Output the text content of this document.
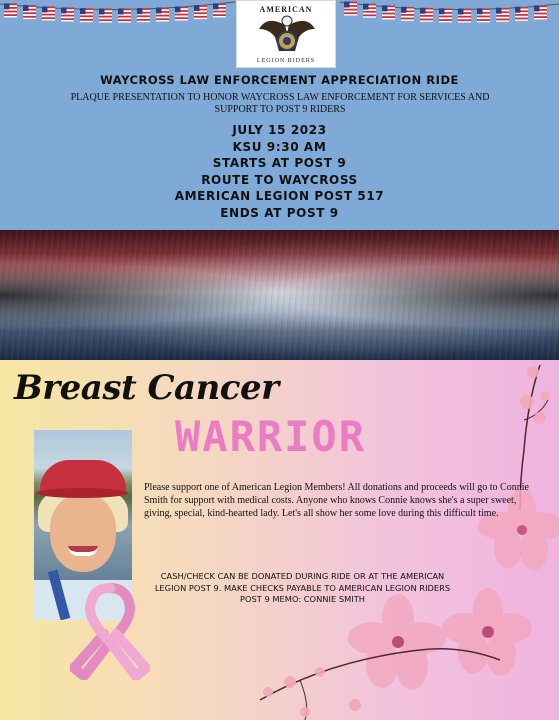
AMERICAN
LEGION RIDERS
WAYCROSS LAW ENFORCEMENT APPRECIATION RIDE
PLAQUE PRESENTATION TO HONOR WAYCROSS LAW ENFORCEMENT FOR SERVICES AND SUPPORT TO POST 9 RIDERS
JULY 15 2023
KSU 9:30 AM
STARTS AT POST 9
ROUTE TO WAYCROSS
AMERICAN LEGION POST 517
ENDS AT POST 9
Breast Cancer
WARRIOR
Please support one of American Legion Members! All donations and proceeds will go to Connie Smith for support with medical costs. Anyone who knows Connie knows she's a super sweet, giving, special, kind-hearted lady. Let's all show her some love during this difficult time.
CASH/CHECK CAN BE DONATED DURING RIDE OR AT THE AMERICAN LEGION POST 9. MAKE CHECKS PAYABLE TO AMERICAN LEGION RIDERS POST 9 MEMO: CONNIE SMITH
